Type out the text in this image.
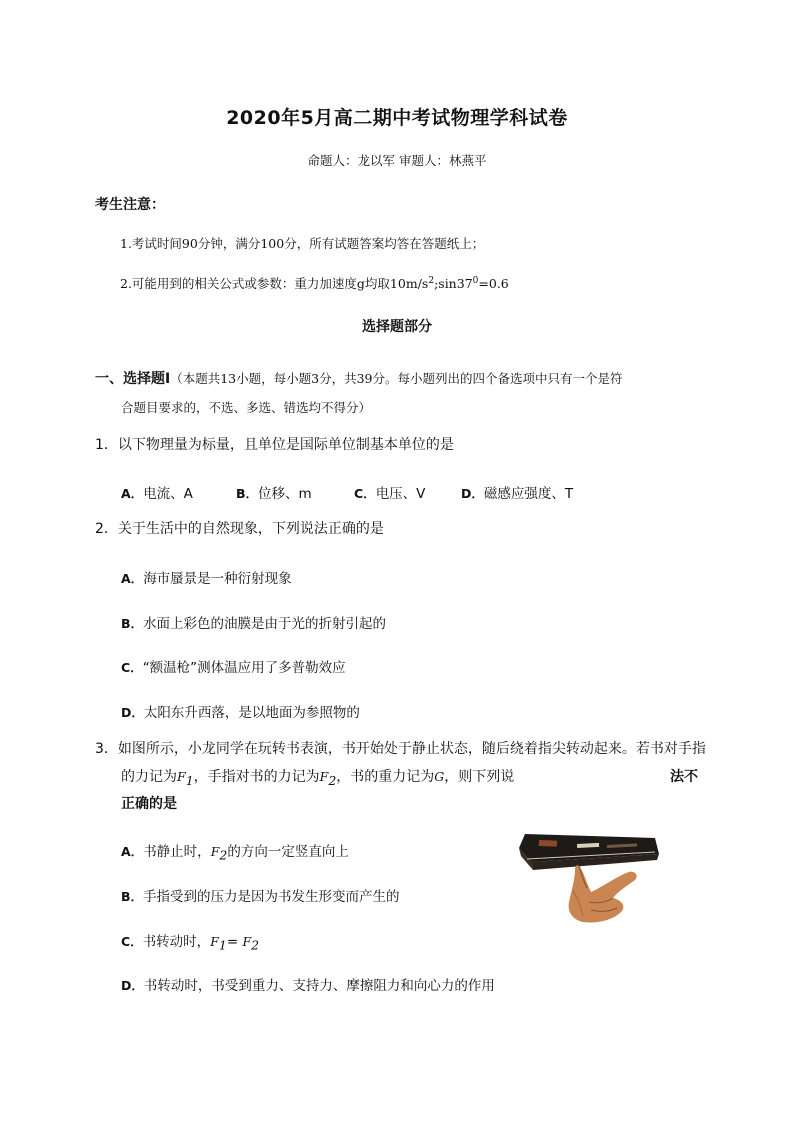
2020年5月高二期中考试物理学科试卷
命题人：龙以军 审题人：林燕平
考生注意：
1.考试时间90分钟，满分100分，所有试题答案均答在答题纸上；
2.可能用到的相关公式或参数：重力加速度g均取$10m/s^2;\sin 37^0=0.6$
选择题部分
一、选择题Ⅰ（本题共13小题，每小题3分，共39分。每小题列出的四个备选项中只有一个是符
合题目要求的，不选、多选、错选均不得分）
1．以下物理量为标量，且单位是国际单位制基本单位的是
A．电流、A	B．位移、m	C．电压、V	D．磁感应强度、T
2．关于生活中的自然现象，下列说法正确的是
A．海市蜃景是一种衍射现象
B．水面上彩色的油膜是由于光的折射引起的
C．“额温枪”测体温应用了多普勒效应
D．太阳东升西落，是以地面为参照物的
3．如图所示，小龙同学在玩转书表演，书开始处于静止状态，随后绕着指尖转动起来。若书对手指
的力记为$F_1$，手指对书的力记为$F_2$，书的重力记为G，则下列说	法不
正确的是
A．书静止时，$F_2$的方向一定竖直向上
B．手指受到的压力是因为书发生形变而产生的
C．书转动时，$F_1= F_2$
D．书转动时，书受到重力、支持力、摩擦阻力和向心力的作用
